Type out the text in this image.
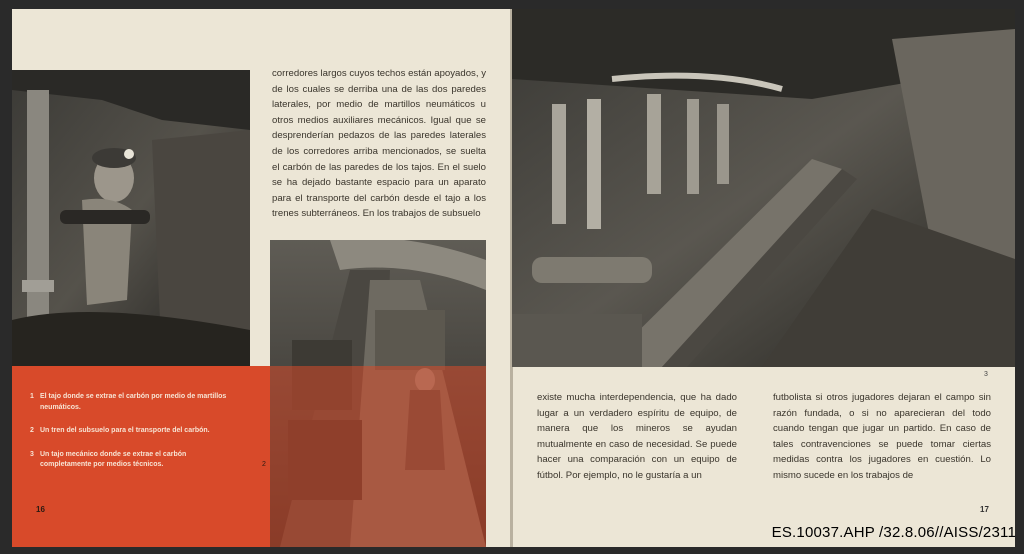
corredores largos cuyos techos están apoyados, y de los cuales se derriba una de las dos paredes laterales, por medio de martillos neumáticos u otros medios auxiliares mecánicos. Igual que se desprenderían pedazos de las paredes laterales de los corredores arriba mencionados, se suelta el carbón de las paredes de los tajos. En el suelo se ha dejado bastante espacio para un aparato para el transporte del carbón desde el tajo a los trenes subterráneos. En los trabajos de subsuelo

2
1 El tajo donde se extrae el carbón por medio de martillos neumáticos.
2 Un tren del subsuelo para el transporte del carbón.
3 Un tajo mecánico donde se extrae el carbón completamente por medios técnicos.
16
3

existe mucha interdependencia, que ha dado lugar a un verdadero espíritu de equipo, de manera que los mineros se ayudan mutualmente en caso de necesidad. Se puede hacer una comparación con un equipo de fútbol. Por ejemplo, no le gustaría a un

futbolista si otros jugadores dejaran el campo sin razón fundada, o si no aparecieran del todo cuando tengan que jugar un partido. En caso de tales contravenciones se puede tomar ciertas medidas contra los jugadores en cuestión. Lo mismo sucede en los trabajos de

17
ES.10037.AHP /32.8.06//AISS/2311
